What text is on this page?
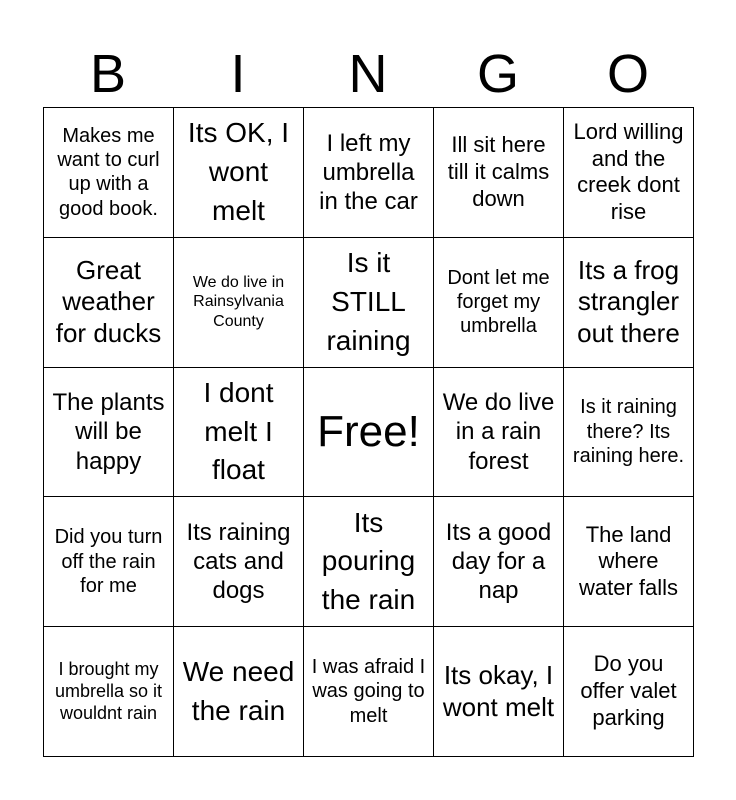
B	I	N	G	O
Makes me want to curl up with a good book.	Its OK, I wont melt	I left my umbrella in the car	Ill sit here till it calms down	Lord willing and the creek dont rise
Great weather for ducks	We do live in Rainsylvania County	Is it STILL raining	Dont let me forget my umbrella	Its a frog strangler out there
The plants will be happy	I dont melt I float	Free!	We do live in a rain forest	Is it raining there? Its raining here.
Did you turn off the rain for me	Its raining cats and dogs	Its pouring the rain	Its a good day for a nap	The land where water falls
I brought my umbrella so it wouldnt rain	We need the rain	I was afraid I was going to melt	Its okay, I wont melt	Do you offer valet parking
